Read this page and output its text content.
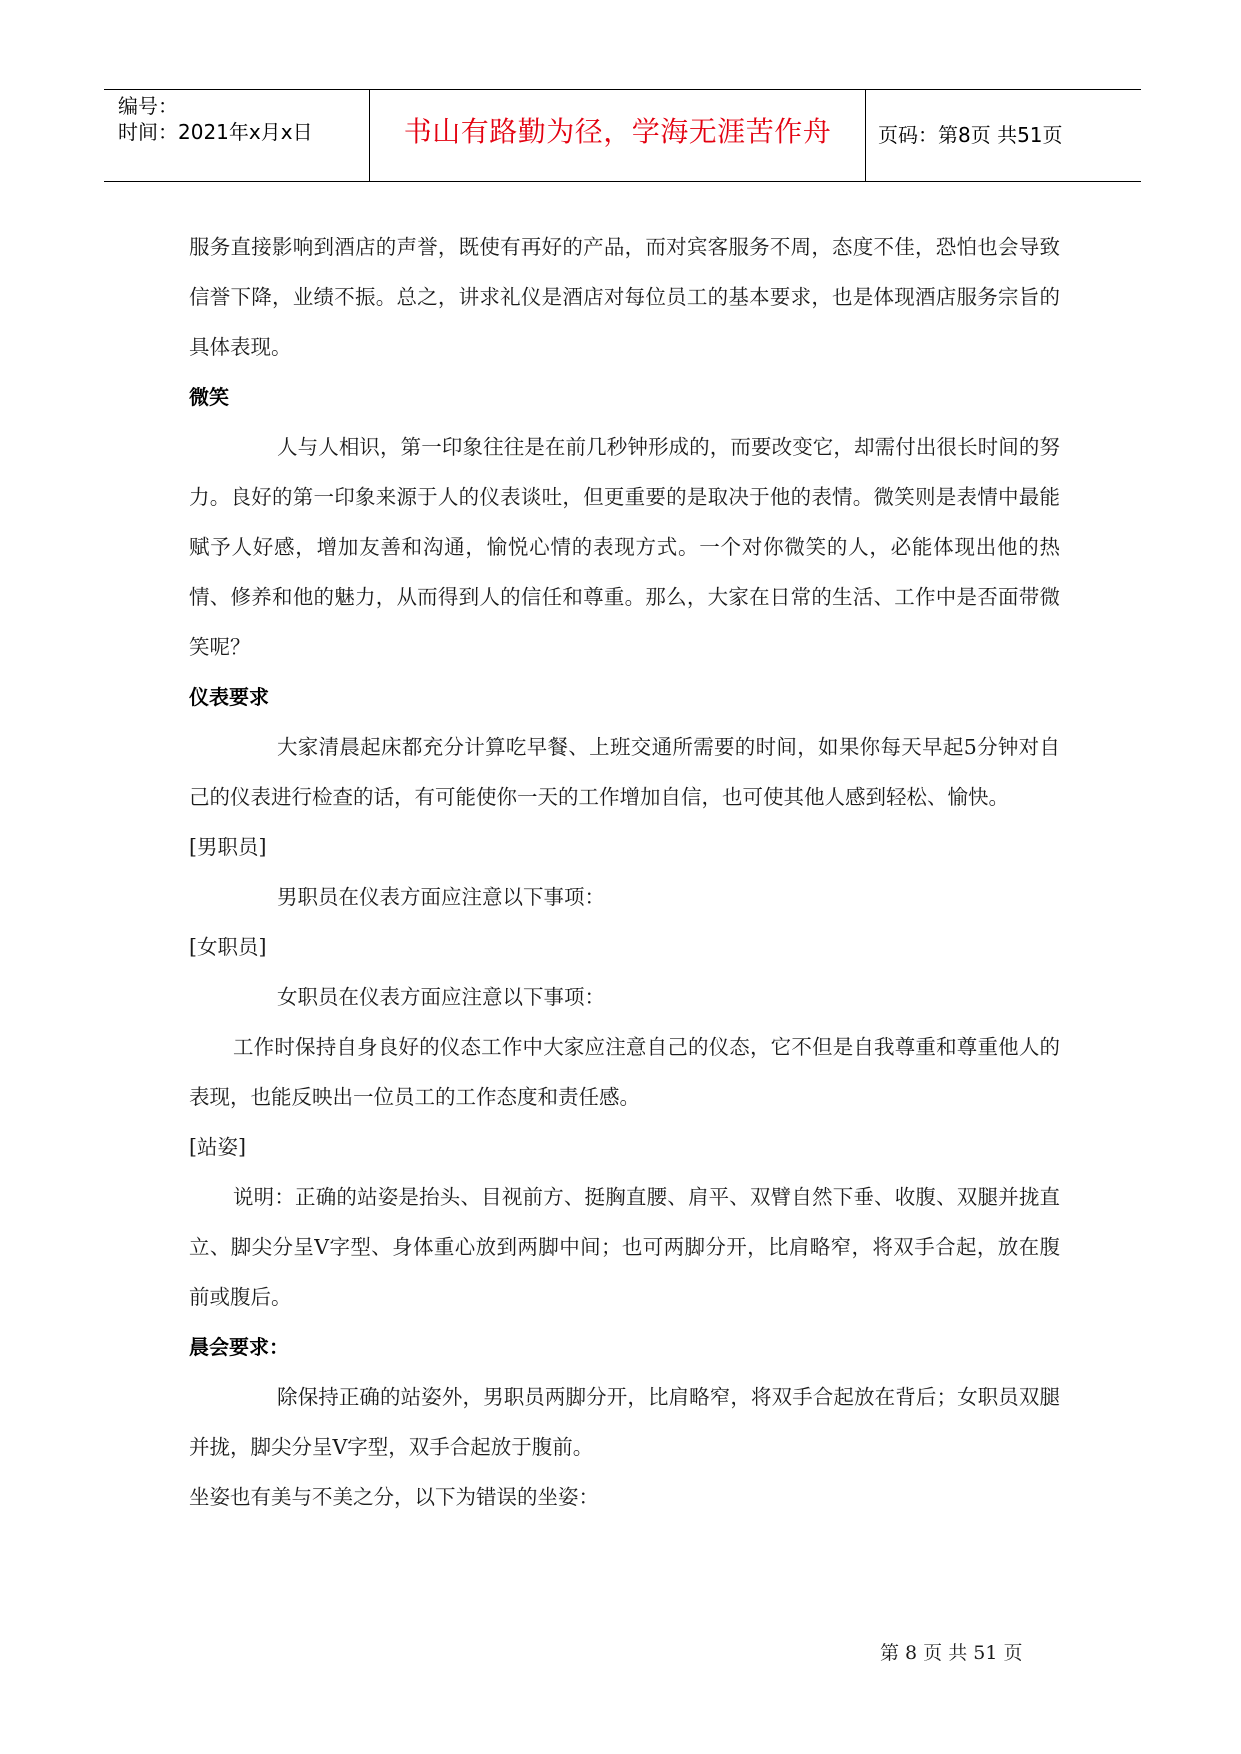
编号：
时间：2021年x月x日	书山有路勤为径，学海无涯苦作舟	页码：第8页 共51页

服务直接影响到酒店的声誉，既使有再好的产品，而对宾客服务不周，态度不佳，恐怕也会导致信誉下降，业绩不振。总之，讲求礼仪是酒店对每位员工的基本要求，也是体现酒店服务宗旨的具体表现。

微笑

人与人相识，第一印象往往是在前几秒钟形成的，而要改变它，却需付出很长时间的努力。良好的第一印象来源于人的仪表谈吐，但更重要的是取决于他的表情。微笑则是表情中最能赋予人好感，增加友善和沟通，愉悦心情的表现方式。一个对你微笑的人，必能体现出他的热情、修养和他的魅力，从而得到人的信任和尊重。那么，大家在日常的生活、工作中是否面带微笑呢？

仪表要求

大家清晨起床都充分计算吃早餐、上班交通所需要的时间，如果你每天早起5分钟对自己的仪表进行检查的话，有可能使你一天的工作增加自信，也可使其他人感到轻松、愉快。

[男职员]

男职员在仪表方面应注意以下事项：

[女职员]

女职员在仪表方面应注意以下事项：

工作时保持自身良好的仪态工作中大家应注意自己的仪态，它不但是自我尊重和尊重他人的表现，也能反映出一位员工的工作态度和责任感。

[站姿]

说明：正确的站姿是抬头、目视前方、挺胸直腰、肩平、双臂自然下垂、收腹、双腿并拢直立、脚尖分呈V字型、身体重心放到两脚中间；也可两脚分开，比肩略窄，将双手合起，放在腹前或腹后。

晨会要求：

除保持正确的站姿外，男职员两脚分开，比肩略窄，将双手合起放在背后；女职员双腿并拢，脚尖分呈V字型，双手合起放于腹前。

坐姿也有美与不美之分，以下为错误的坐姿：

第 8 页 共 51 页
